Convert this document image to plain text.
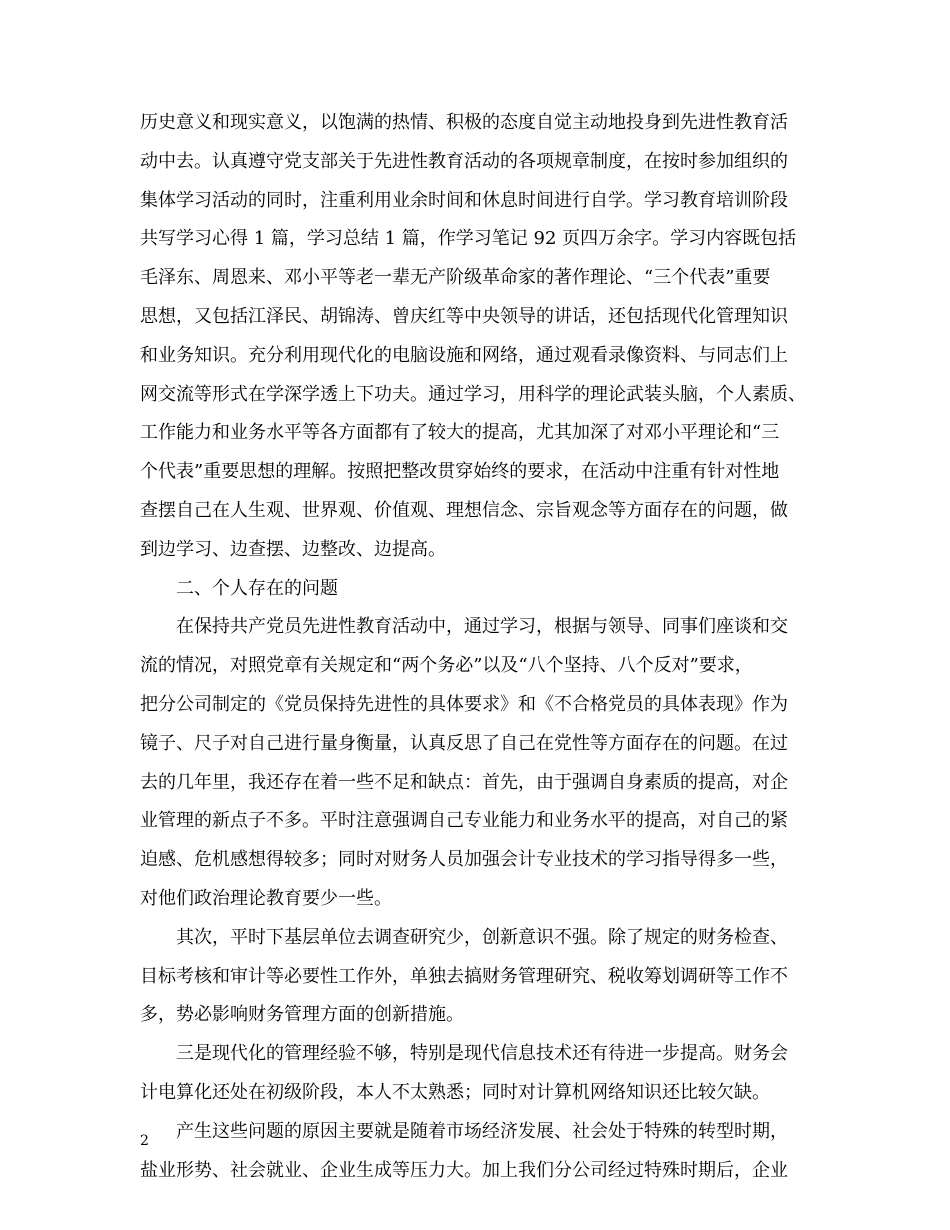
历史意义和现实意义，以饱满的热情、积极的态度自觉主动地投身到先进性教育活
动中去。认真遵守党支部关于先进性教育活动的各项规章制度，在按时参加组织的
集体学习活动的同时，注重利用业余时间和休息时间进行自学。学习教育培训阶段
共写学习心得 1 篇，学习总结 1 篇，作学习笔记 92 页四万余字。学习内容既包括
毛泽东、周恩来、邓小平等老一辈无产阶级革命家的著作理论、“三个代表”重要
思想，又包括江泽民、胡锦涛、曾庆红等中央领导的讲话，还包括现代化管理知识
和业务知识。充分利用现代化的电脑设施和网络，通过观看录像资料、与同志们上
网交流等形式在学深学透上下功夫。通过学习，用科学的理论武装头脑，个人素质、
工作能力和业务水平等各方面都有了较大的提高，尤其加深了对邓小平理论和“三
个代表”重要思想的理解。按照把整改贯穿始终的要求，在活动中注重有针对性地
查摆自己在人生观、世界观、价值观、理想信念、宗旨观念等方面存在的问题，做
到边学习、边查摆、边整改、边提高。
二、个人存在的问题
在保持共产党员先进性教育活动中，通过学习，根据与领导、同事们座谈和交
流的情况，对照党章有关规定和“两个务必”以及“八个坚持、八个反对”要求，
把分公司制定的《党员保持先进性的具体要求》和《不合格党员的具体表现》作为
镜子、尺子对自己进行量身衡量，认真反思了自己在党性等方面存在的问题。在过
去的几年里，我还存在着一些不足和缺点：首先，由于强调自身素质的提高，对企
业管理的新点子不多。平时注意强调自己专业能力和业务水平的提高，对自己的紧
迫感、危机感想得较多；同时对财务人员加强会计专业技术的学习指导得多一些，
对他们政治理论教育要少一些。
其次，平时下基层单位去调查研究少，创新意识不强。除了规定的财务检查、
目标考核和审计等必要性工作外，单独去搞财务管理研究、税收筹划调研等工作不
多，势必影响财务管理方面的创新措施。
三是现代化的管理经验不够，特别是现代信息技术还有待进一步提高。财务会
计电算化还处在初级阶段，本人不太熟悉；同时对计算机网络知识还比较欠缺。
产生这些问题的原因主要就是随着市场经济发展、社会处于特殊的转型时期，
盐业形势、社会就业、企业生成等压力大。加上我们分公司经过特殊时期后，企业
2
